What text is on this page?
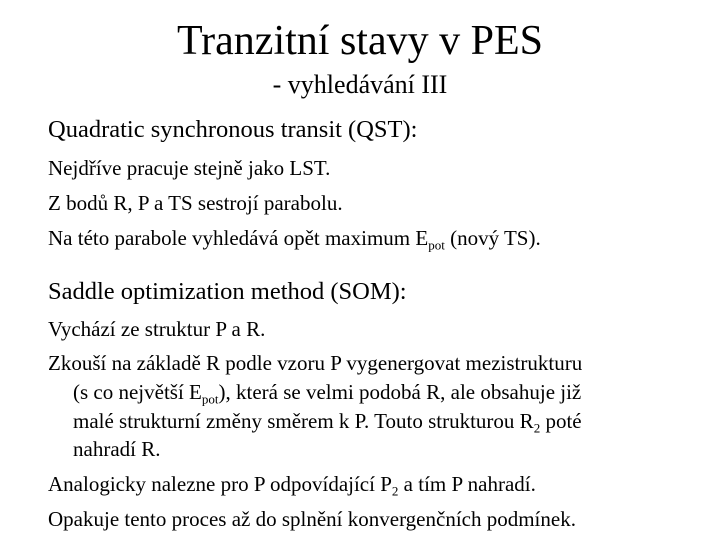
Tranzitní stavy v PES
- vyhledávání III
Quadratic synchronous transit (QST):
Nejdříve pracuje stejně jako LST.
Z bodů R, P a TS sestrojí parabolu.
Na této parabole vyhledává opět maximum $E_{pot}$ (nový TS).
Saddle optimization method (SOM):
Vychází ze struktur P a R.
Zkouší na základě R podle vzoru P vygenergovat mezistrukturu
(s co největší $E_{pot}$), která se velmi podobá R, ale obsahuje již
malé strukturní změny směrem k P. Touto strukturou $R_2$ poté
nahradí R.
Analogicky nalezne pro P odpovídající $P_2$ a tím P nahradí.
Opakuje tento proces až do splnění konvergenčních podmínek.
